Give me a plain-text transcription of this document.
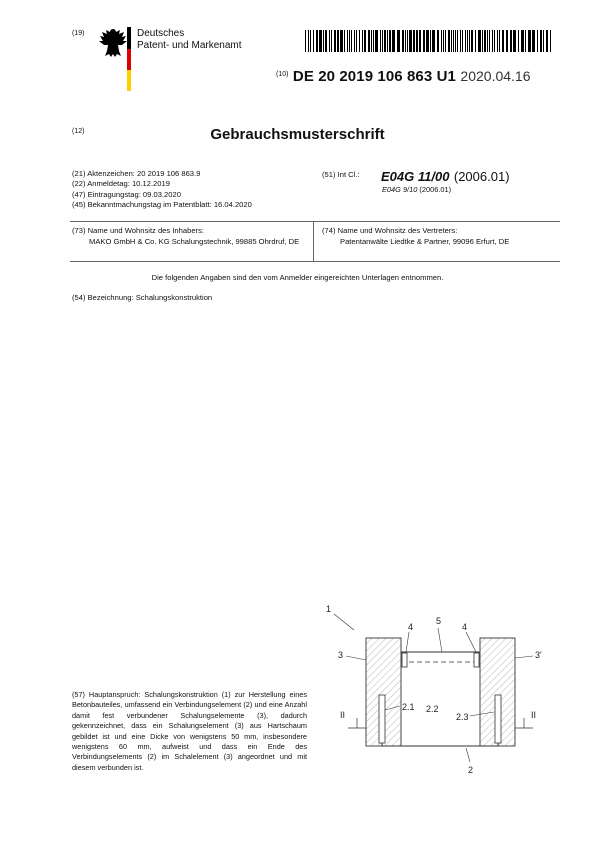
(19)	Deutsches
Patent- und Markenamt
$^{(10)}$ DE 20 2019 106 863 U1 2020.04.16
(12)	Gebrauchsmusterschrift
(21) Aktenzeichen: 20 2019 106 863.9
(22) Anmeldetag: 10.12.2019
(47) Eintragungstag: 09.03.2020
(45) Bekanntmachungstag im Patentblatt: 16.04.2020
(51) Int Cl.: E04G 11/00 (2006.01)
E04G 9/10 (2006.01)
(73) Name und Wohnsitz des Inhabers:
MAKO GmbH & Co. KG Schalungstechnik, 99885 Ohrdruf, DE
(74) Name und Wohnsitz des Vertreters:
Patentanwälte Liedtke & Partner, 99096 Erfurt, DE
Die folgenden Angaben sind den vom Anmelder eingereichten Unterlagen entnommen.
(54) Bezeichnung: Schalungskonstruktion
(57) Hauptanspruch: Schalungskonstruktion (1) zur Herstellung eines Betonbauteiles, umfassend ein Verbindungselement (2) und eine Anzahl damit fest verbundener Schalungselemente (3), dadurch gekennzeichnet, dass ein Schalungselement (3) aus Hartschaum gebildet ist und eine Dicke von wenigstens 50 mm, insbesondere wenigstens 60 mm, aufweist und dass ein Ende des Verbindungselements (2) im Schalelement (3) angeordnet und mit diesem verbunden ist.
1
3	3'
4
5
4
2.1 2.2
2.3
2
II	II
